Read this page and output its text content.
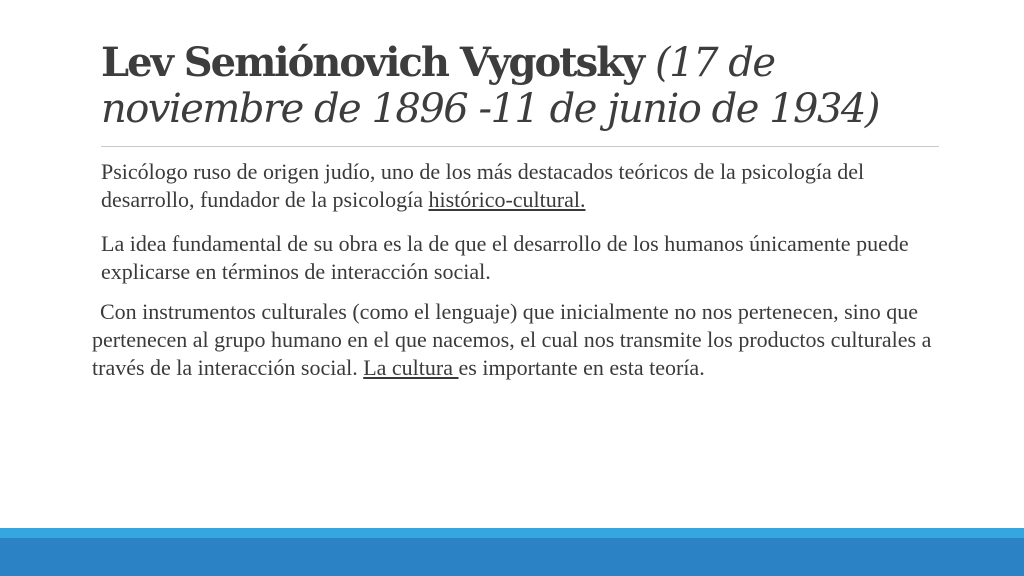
Lev Semiónovich Vygotsky (17 de noviembre de 1896 -11 de junio de 1934)

Psicólogo ruso de origen judío, uno de los más destacados teóricos de la psicología del desarrollo, fundador de la psicología histórico-cultural.

La idea fundamental de su obra es la de que el desarrollo de los humanos únicamente puede explicarse en términos de interacción social.

Con instrumentos culturales (como el lenguaje) que inicialmente no nos pertenecen, sino que pertenecen al grupo humano en el que nacemos, el cual nos transmite los productos culturales a través de la interacción social. La cultura es importante en esta teoría.
